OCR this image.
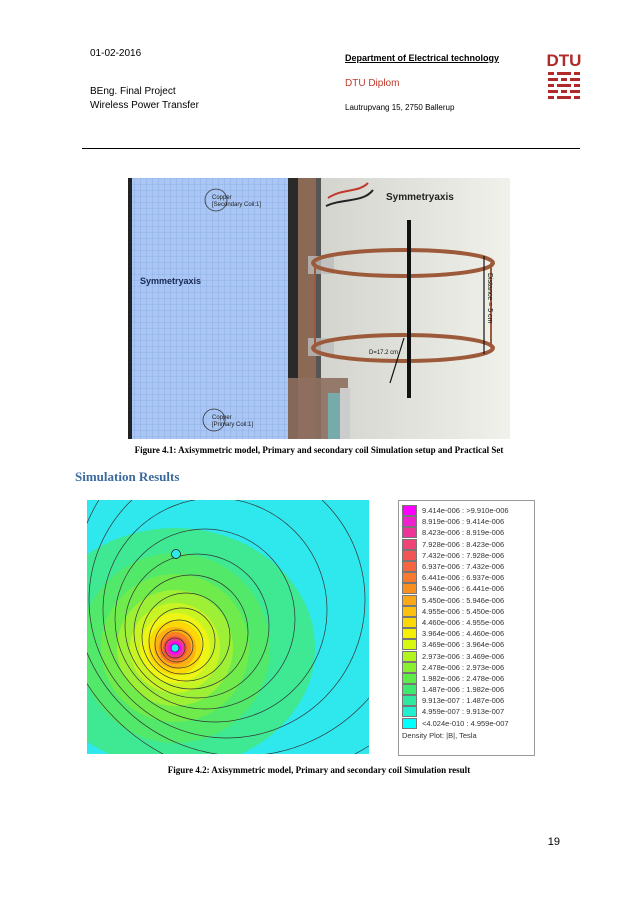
01-02-2016
BEng. Final Project
Wireless Power Transfer
Department of Electrical technology
DTU Diplom
Lautrupvang 15, 2750 Ballerup
DTU
Copper
[Secondary Coil:1]
Symmetryaxis
Copper
[Primary Coil:1]
Symmetryaxis
Distance = 5 cm
D=17.2 cm
Figure 4.1: Axisymmetric model, Primary and secondary coil Simulation setup and Practical Set
Simulation Results
9.414e-006 : >9.910e-006
8.919e-006 : 9.414e-006
8.423e-006 : 8.919e-006
7.928e-006 : 8.423e-006
7.432e-006 : 7.928e-006
6.937e-006 : 7.432e-006
6.441e-006 : 6.937e-006
5.946e-006 : 6.441e-006
5.450e-006 : 5.946e-006
4.955e-006 : 5.450e-006
4.460e-006 : 4.955e-006
3.964e-006 : 4.460e-006
3.469e-006 : 3.964e-006
2.973e-006 : 3.469e-006
2.478e-006 : 2.973e-006
1.982e-006 : 2.478e-006
1.487e-006 : 1.982e-006
9.913e-007 : 1.487e-006
4.959e-007 : 9.913e-007
<4.024e-010 : 4.959e-007
Density Plot: |B|, Tesla
Figure 4.2: Axisymmetric model, Primary and secondary coil Simulation result
19
